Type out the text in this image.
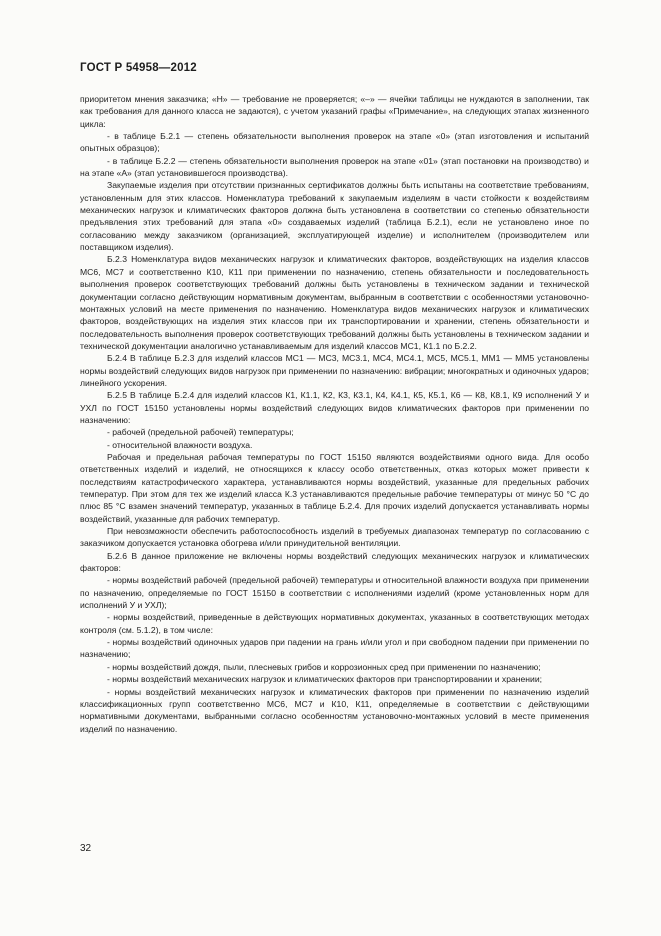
ГОСТ Р 54958—2012

приоритетом мнения заказчика; «Н» — требование не проверяется; «–» — ячейки таблицы не нуждаются в заполнении, так как требования для данного класса не задаются), с учетом указаний графы «Примечание», на следующих этапах жизненного цикла:

- в таблице Б.2.1 — степень обязательности выполнения проверок на этапе «0» (этап изготовления и испытаний опытных образцов);

- в таблице Б.2.2 — степень обязательности выполнения проверок на этапе «01» (этап постановки на производство) и на этапе «А» (этап установившегося производства).

Закупаемые изделия при отсутствии признанных сертификатов должны быть испытаны на соответствие требованиям, установленным для этих классов. Номенклатура требований к закупаемым изделиям в части стойкости к воздействиям механических нагрузок и климатических факторов должна быть установлена в соответствии со степенью обязательности предъявления этих требований для этапа «0» создаваемых изделий (таблица Б.2.1), если не установлено иное по согласованию между заказчиком (организацией, эксплуатирующей изделие) и исполнителем (производителем или поставщиком изделия).

Б.2.3 Номенклатура видов механических нагрузок и климатических факторов, воздействующих на изделия классов МС6, МС7 и соответственно К10, К11 при применении по назначению, степень обязательности и последовательность выполнения проверок соответствующих требований должны быть установлены в техническом задании и технической документации согласно действующим нормативным документам, выбранным в соответствии с особенностями установочно-монтажных условий на месте применения по назначению. Номенклатура видов механических нагрузок и климатических факторов, воздействующих на изделия этих классов при их транспортировании и хранении, степень обязательности и последовательность выполнения проверок соответствующих требований должны быть установлены в техническом задании и технической документации аналогично устанавливаемым для изделий классов МС1, К1.1 по Б.2.2.

Б.2.4 В таблице Б.2.3 для изделий классов МС1 — МС3, МС3.1, МС4, МС4.1, МС5, МС5.1, ММ1 — ММ5 установлены нормы воздействий следующих видов нагрузок при применении по назначению: вибрации; многократных и одиночных ударов; линейного ускорения.

Б.2.5 В таблице Б.2.4 для изделий классов К1, К1.1, К2, К3, К3.1, К4, К4.1, К5, К5.1, К6 — К8, К8.1, К9 исполнений У и УХЛ по ГОСТ 15150 установлены нормы воздействий следующих видов климатических факторов при применении по назначению:

- рабочей (предельной рабочей) температуры;

- относительной влажности воздуха.

Рабочая и предельная рабочая температуры по ГОСТ 15150 являются воздействиями одного вида. Для особо ответственных изделий и изделий, не относящихся к классу особо ответственных, отказ которых может привести к последствиям катастрофического характера, устанавливаются нормы воздействий, указанные для предельных рабочих температур. При этом для тех же изделий класса К.3 устанавливаются предельные рабочие температуры от минус 50 °C до плюс 85 °C взамен значений температур, указанных в таблице Б.2.4. Для прочих изделий допускается устанавливать нормы воздействий, указанные для рабочих температур.

При невозможности обеспечить работоспособность изделий в требуемых диапазонах температур по согласованию с заказчиком допускается установка обогрева и/или принудительной вентиляции.

Б.2.6 В данное приложение не включены нормы воздействий следующих механических нагрузок и климатических факторов:

- нормы воздействий рабочей (предельной рабочей) температуры и относительной влажности воздуха при применении по назначению, определяемые по ГОСТ 15150 в соответствии с исполнениями изделий (кроме установленных норм для исполнений У и УХЛ);

- нормы воздействий, приведенные в действующих нормативных документах, указанных в соответствующих методах контроля (см. 5.1.2), в том числе:

- нормы воздействий одиночных ударов при падении на грань и/или угол и при свободном падении при применении по назначению;

- нормы воздействий дождя, пыли, плесневых грибов и коррозионных сред при применении по назначению;

- нормы воздействий механических нагрузок и климатических факторов при транспортировании и хранении;

- нормы воздействий механических нагрузок и климатических факторов при применении по назначению изделий классификационных групп соответственно МС6, МС7 и К10, К11, определяемые в соответствии с действующими нормативными документами, выбранными согласно особенностям установочно-монтажных условий в месте применения изделий по назначению.

32
